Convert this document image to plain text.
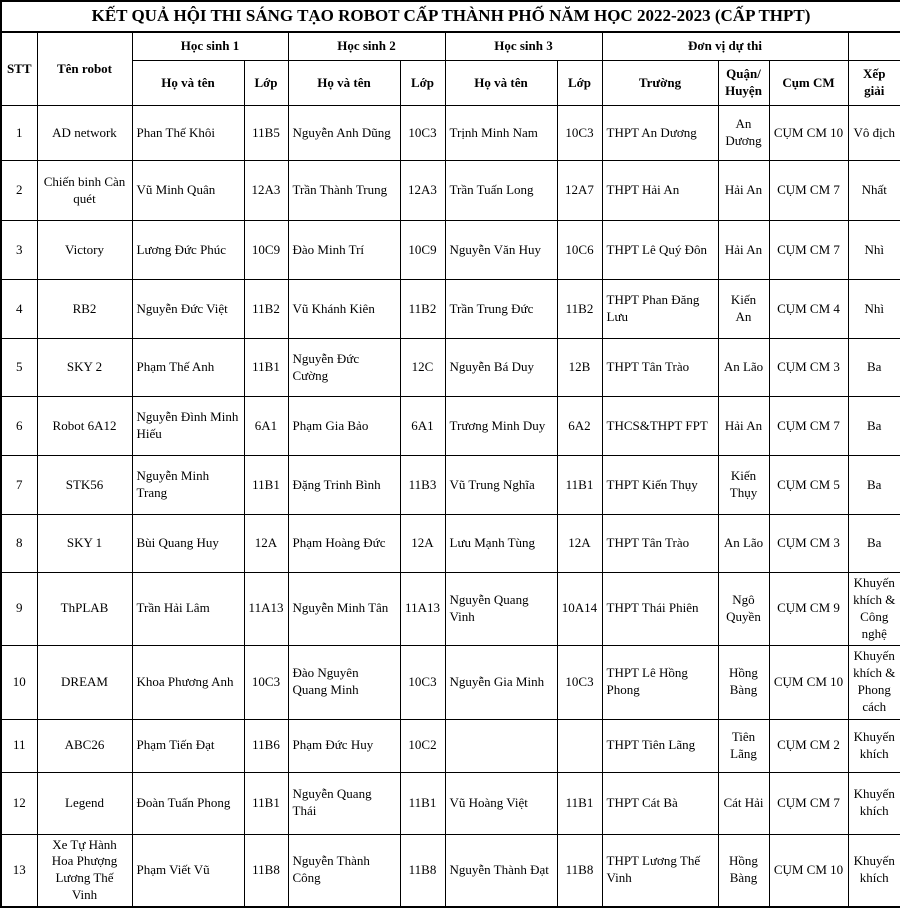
KẾT QUẢ HỘI THI SÁNG TẠO ROBOT CẤP THÀNH PHỐ NĂM HỌC 2022-2023 (CẤP THPT)											
STT	Tên robot	Học sinh 1		Học sinh 2		Học sinh 3		Đơn vị dự thi			
		Họ và tên	Lớp	Họ và tên	Lớp	Họ và tên	Lớp	Trường	Quận/ Huyện	Cụm CM	Xếp giải
1	AD network	Phan Thế Khôi	11B5	Nguyễn Anh Dũng	10C3	Trịnh Minh Nam	10C3	THPT An Dương	An Dương	CỤM CM 10	Vô địch
2	Chiến binh Càn quét	Vũ Minh Quân	12A3	Trần Thành Trung	12A3	Trần Tuấn Long	12A7	THPT Hải An	Hải An	CỤM CM 7	Nhất
3	Victory	Lương Đức Phúc	10C9	Đào Minh Trí	10C9	Nguyễn Văn Huy	10C6	THPT Lê Quý Đôn	Hải An	CỤM CM 7	Nhì
4	RB2	Nguyễn Đức Việt	11B2	Vũ Khánh Kiên	11B2	Trần Trung Đức	11B2	THPT Phan Đăng Lưu	Kiến An	CỤM CM 4	Nhì
5	SKY 2	Phạm Thế Anh	11B1	Nguyễn Đức Cường	12C	Nguyễn Bá Duy	12B	THPT Tân Trào	An Lão	CỤM CM 3	Ba
6	Robot 6A12	Nguyễn Đình Minh Hiếu	6A1	Phạm Gia Bảo	6A1	Trương Minh Duy	6A2	THCS&THPT FPT	Hải An	CỤM CM 7	Ba
7	STK56	Nguyễn Minh Trang	11B1	Đặng Trinh Bình	11B3	Vũ Trung Nghĩa	11B1	THPT Kiến Thụy	Kiến Thụy	CỤM CM 5	Ba
8	SKY 1	Bùi Quang Huy	12A	Phạm Hoàng Đức	12A	Lưu Mạnh Tùng	12A	THPT Tân Trào	An Lão	CỤM CM 3	Ba
9	ThPLAB	Trần Hải Lâm	11A13	Nguyễn Minh Tân	11A13	Nguyễn Quang Vinh	10A14	THPT Thái Phiên	Ngô Quyền	CỤM CM 9	Khuyến khích & Công nghệ
10	DREAM	Khoa Phương Anh	10C3	Đào Nguyên Quang Minh	10C3	Nguyễn Gia Minh	10C3	THPT Lê Hồng Phong	Hồng Bàng	CỤM CM 10	Khuyến khích & Phong cách
11	ABC26	Phạm Tiến Đạt	11B6	Phạm Đức Huy	10C2			THPT Tiên Lãng	Tiên Lãng	CỤM CM 2	Khuyến khích
12	Legend	Đoàn Tuấn Phong	11B1	Nguyễn Quang Thái	11B1	Vũ Hoàng Việt	11B1	THPT Cát Bà	Cát Hải	CỤM CM 7	Khuyến khích
13	Xe Tự Hành Hoa Phượng Lương Thế Vinh	Phạm Viết Vũ	11B8	Nguyễn Thành Công	11B8	Nguyễn Thành Đạt	11B8	THPT Lương Thế Vinh	Hồng Bàng	CỤM CM 10	Khuyến khích
